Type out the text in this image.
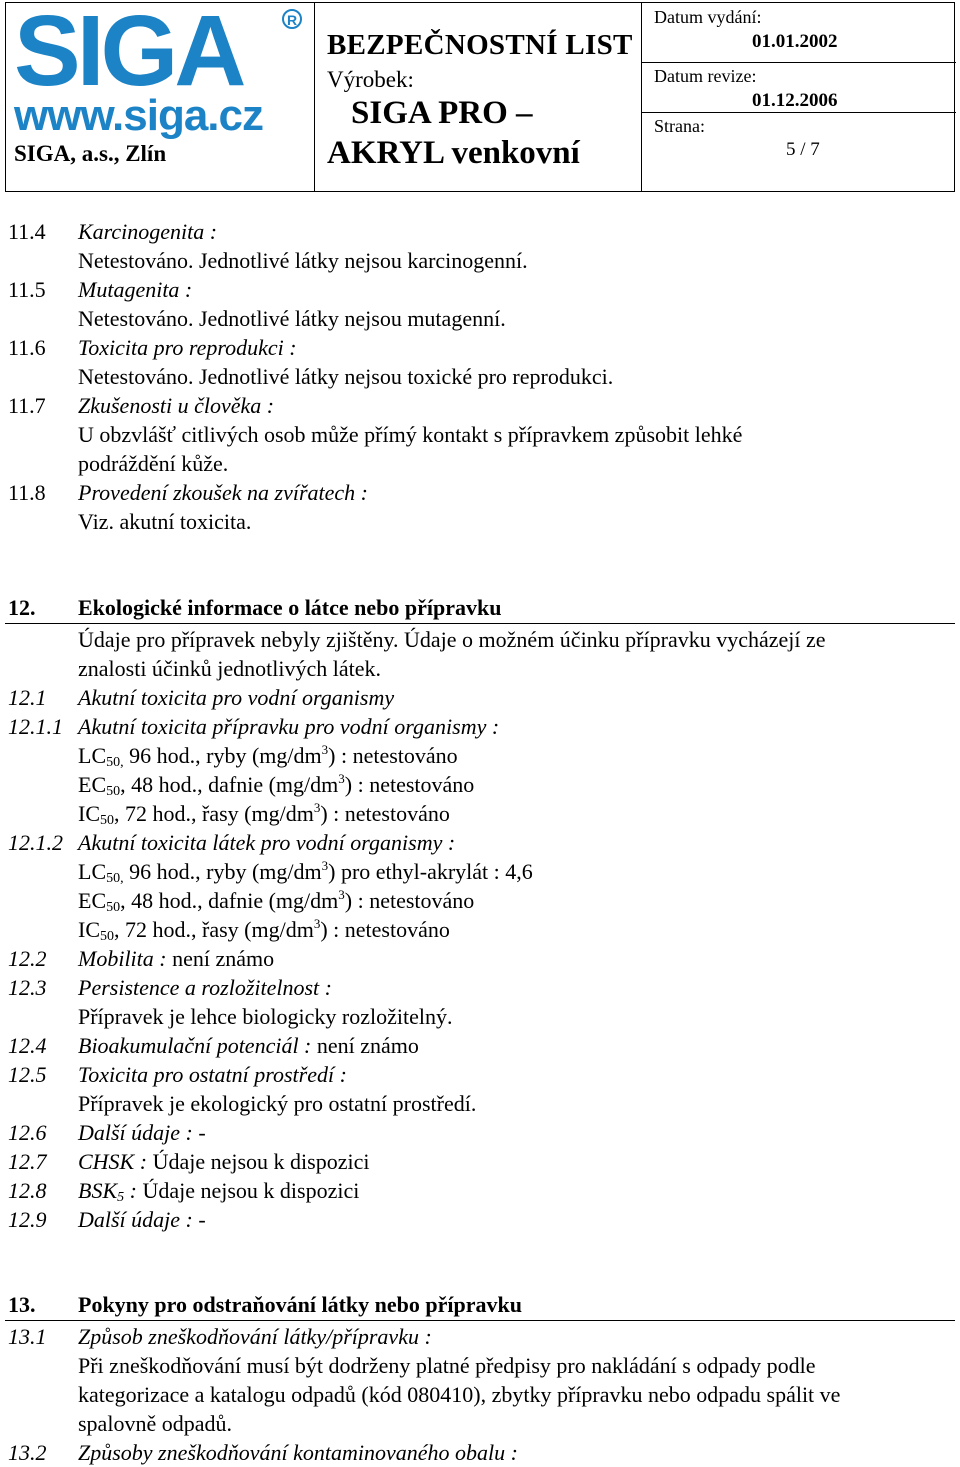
SIGA	R
www.siga.cz
SIGA, a.s., Zlín
BEZPEČNOSTNÍ LIST
Výrobek:
SIGA PRO –
AKRYL venkovní
Datum vydání:
01.01.2002
Datum revize:
01.12.2006
Strana:
5 / 7
11.4 Karcinogenita :
Netestováno. Jednotlivé látky nejsou karcinogenní.
11.5 Mutagenita :
Netestováno. Jednotlivé látky nejsou mutagenní.
11.6 Toxicita pro reprodukci :
Netestováno. Jednotlivé látky nejsou toxické pro reprodukci.
11.7 Zkušenosti u člověka :
U obzvlášť citlivých osob může přímý kontakt s přípravkem způsobit lehké
podráždění kůže.
11.8 Provedení zkoušek na zvířatech :
Viz. akutní toxicita.
12. Ekologické informace o látce nebo přípravku
Údaje pro přípravek nebyly zjištěny. Údaje o možném účinku přípravku vycházejí ze
znalosti účinků jednotlivých látek.
12.1 Akutní toxicita pro vodní organismy
12.1.1 Akutní toxicita přípravku pro vodní organismy :
$LC_{50,}$ 96 hod., ryby $(mg/dm^3)$ : netestováno
$EC_{50}$, 48 hod., dafnie $(mg/dm^3)$ : netestováno
$IC_{50}$, 72 hod., řasy $(mg/dm^3)$ : netestováno
12.1.2 Akutní toxicita látek pro vodní organismy :
$LC_{50,}$ 96 hod., ryby $(mg/dm^3)$ pro ethyl-akrylát : 4,6
$EC_{50}$, 48 hod., dafnie $(mg/dm^3)$ : netestováno
$IC_{50}$, 72 hod., řasy $(mg/dm^3)$ : netestováno
12.2 Mobilita : není známo
12.3 Persistence a rozložitelnost :
Přípravek je lehce biologicky rozložitelný.
12.4 Bioakumulační potenciál : není známo
12.5 Toxicita pro ostatní prostředí :
Přípravek je ekologický pro ostatní prostředí.
12.6 Další údaje : -
12.7 CHSK : Údaje nejsou k dispozici
12.8 $BSK_5$ : Údaje nejsou k dispozici
12.9 Další údaje : -
13. Pokyny pro odstraňování látky nebo přípravku
13.1 Způsob zneškodňování látky/přípravku :
Při zneškodňování musí být dodrženy platné předpisy pro nakládání s odpady podle
kategorizace a katalogu odpadů (kód 080410), zbytky přípravku nebo odpadu spálit ve
spalovně odpadů.
13.2 Způsoby zneškodňování kontaminovaného obalu :
